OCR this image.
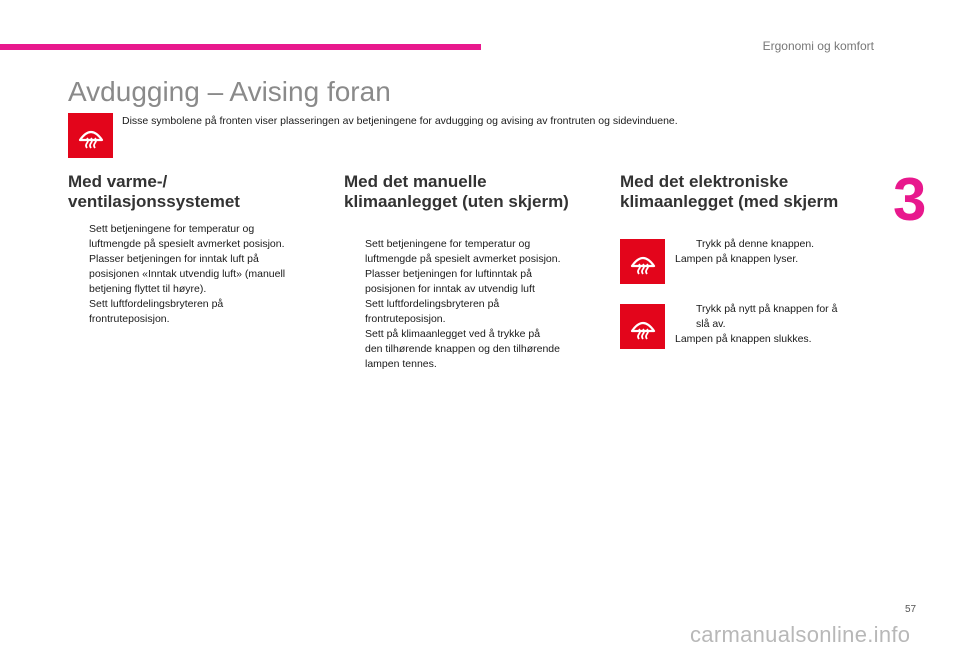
Ergonomi og komfort
3
Avdugging – Avising foran
Disse symbolene på fronten viser plasseringen av betjeningene for avdugging og avising av frontruten og sidevinduene.
Med varme-/
ventilasjonssystemet
Sett betjeningene for temperatur og
luftmengde på spesielt avmerket posisjon.
Plasser betjeningen for inntak luft på
posisjonen «Inntak utvendig luft» (manuell
betjening flyttet til høyre).
Sett luftfordelingsbryteren på
frontruteposisjon.
Med det manuelle
klimaanlegget (uten skjerm)
Sett betjeningene for temperatur og
luftmengde på spesielt avmerket posisjon.
Plasser betjeningen for luftinntak på
posisjonen for inntak av utvendig luft
Sett luftfordelingsbryteren på
frontruteposisjon.
Sett på klimaanlegget ved å trykke på
den tilhørende knappen og den tilhørende
lampen tennes.
Med det elektroniske
klimaanlegget (med skjerm
Trykk på denne knappen.
Lampen på knappen lyser.
Trykk på nytt på knappen for å
slå av.
Lampen på knappen slukkes.
57
carmanualsonline.info
